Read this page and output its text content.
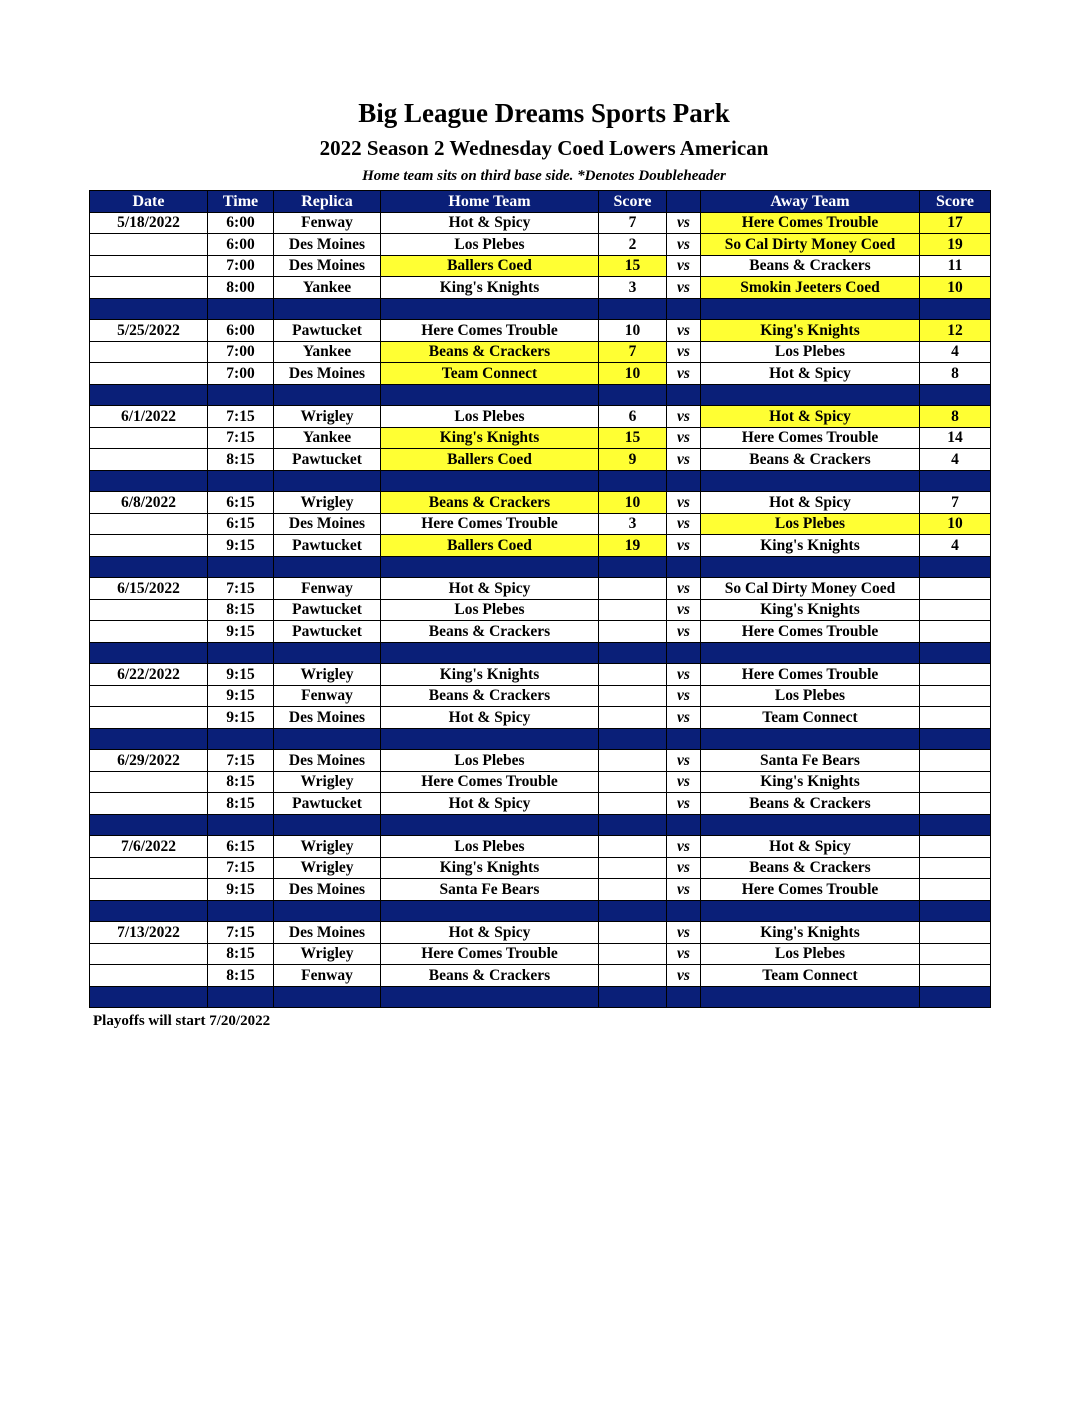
Big League Dreams Sports Park
2022 Season 2 Wednesday Coed Lowers American
Home team sits on third base side. *Denotes Doubleheader
Date	Time	Replica	Home Team	Score		Away Team	Score
5/18/2022	6:00	Fenway	Hot & Spicy	7	vs	Here Comes Trouble	17
	6:00	Des Moines	Los Plebes	2	vs	So Cal Dirty Money Coed	19
	7:00	Des Moines	Ballers Coed	15	vs	Beans & Crackers	11
	8:00	Yankee	King's Knights	3	vs	Smokin Jeeters Coed	10

5/25/2022	6:00	Pawtucket	Here Comes Trouble	10	vs	King's Knights	12
	7:00	Yankee	Beans & Crackers	7	vs	Los Plebes	4
	7:00	Des Moines	Team Connect	10	vs	Hot & Spicy	8

6/1/2022	7:15	Wrigley	Los Plebes	6	vs	Hot & Spicy	8
	7:15	Yankee	King's Knights	15	vs	Here Comes Trouble	14
	8:15	Pawtucket	Ballers Coed	9	vs	Beans & Crackers	4

6/8/2022	6:15	Wrigley	Beans & Crackers	10	vs	Hot & Spicy	7
	6:15	Des Moines	Here Comes Trouble	3	vs	Los Plebes	10
	9:15	Pawtucket	Ballers Coed	19	vs	King's Knights	4

6/15/2022	7:15	Fenway	Hot & Spicy		vs	So Cal Dirty Money Coed	
	8:15	Pawtucket	Los Plebes		vs	King's Knights	
	9:15	Pawtucket	Beans & Crackers		vs	Here Comes Trouble	

6/22/2022	9:15	Wrigley	King's Knights		vs	Here Comes Trouble	
	9:15	Fenway	Beans & Crackers		vs	Los Plebes	
	9:15	Des Moines	Hot & Spicy		vs	Team Connect	

6/29/2022	7:15	Des Moines	Los Plebes		vs	Santa Fe Bears	
	8:15	Wrigley	Here Comes Trouble		vs	King's Knights	
	8:15	Pawtucket	Hot & Spicy		vs	Beans & Crackers	

7/6/2022	6:15	Wrigley	Los Plebes		vs	Hot & Spicy	
	7:15	Wrigley	King's Knights		vs	Beans & Crackers	
	9:15	Des Moines	Santa Fe Bears		vs	Here Comes Trouble	

7/13/2022	7:15	Des Moines	Hot & Spicy		vs	King's Knights	
	8:15	Wrigley	Here Comes Trouble		vs	Los Plebes	
	8:15	Fenway	Beans & Crackers		vs	Team Connect	

Playoffs will start 7/20/2022
